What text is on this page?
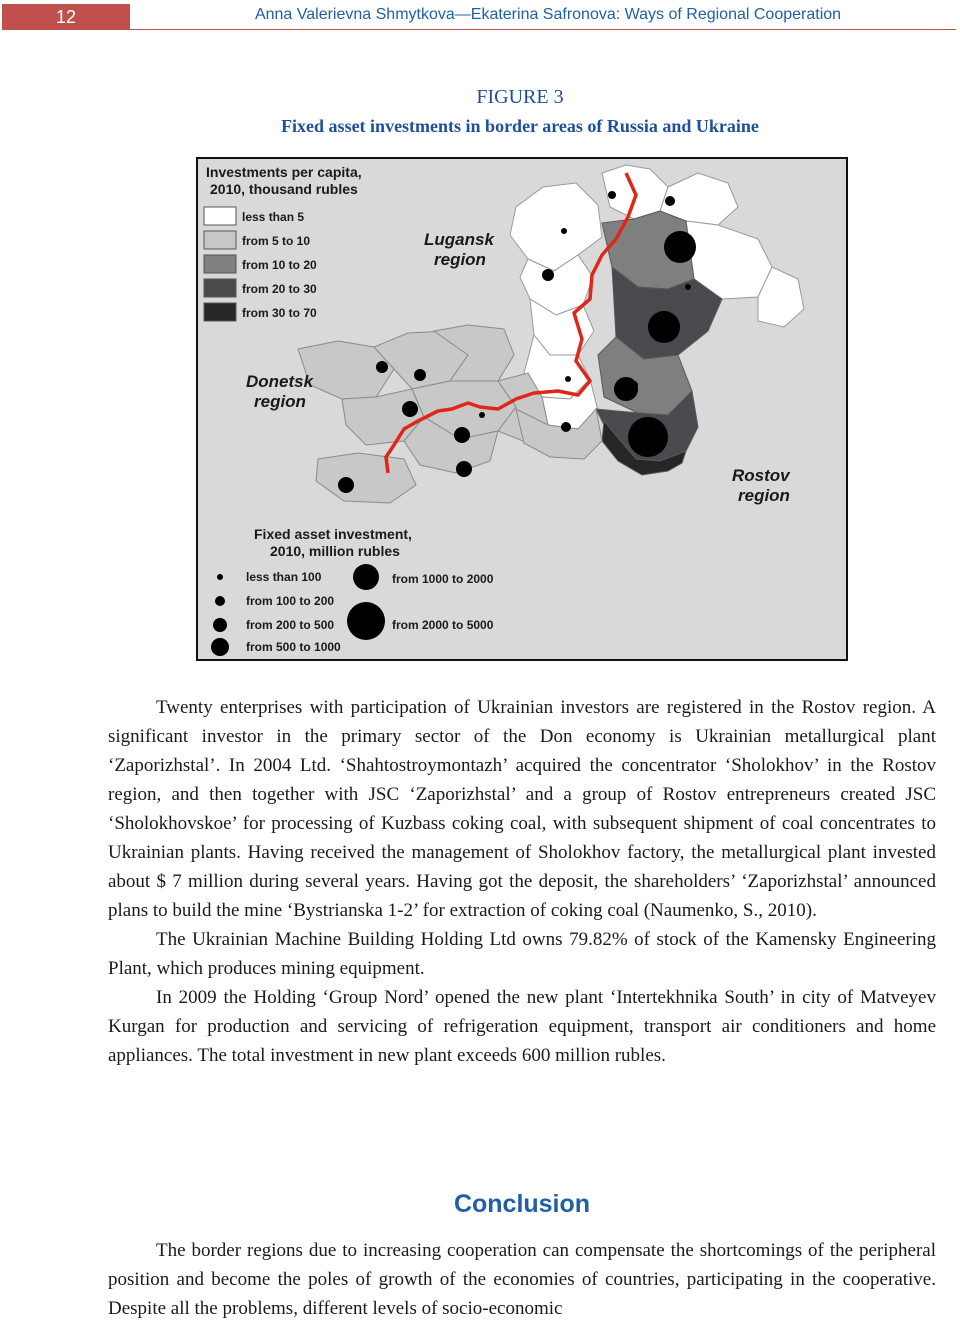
12	Anna Valerievna Shmytkova—Ekaterina Safronova: Ways of Regional Cooperation
FIGURE 3
Fixed asset investments in border areas of Russia and Ukraine
Lugansk
region
Donetsk
region
Rostov
region
Investments per capita,
2010, thousand rubles
less than 5
from 5 to 10
from 10 to 20
from 20 to 30
from 30 to 70
Fixed asset investment,
2010, million rubles
less than 100
from 100 to 200
from 200 to 500
from 500 to 1000
from 1000 to 2000
from 2000 to 5000

Twenty enterprises with participation of Ukrainian investors are registered in the Rostov region. A significant investor in the primary sector of the Don economy is Ukrainian metallurgical plant ‘Zaporizhstal’. In 2004 Ltd. ‘Shahtostroymontazh’ acquired the concentrator ‘Sholokhov’ in the Rostov region, and then together with JSC ‘Zaporizhstal’ and a group of Rostov entrepreneurs created JSC ‘Sholokhovskoe’ for processing of Kuzbass coking coal, with subsequent shipment of coal concentrates to Ukrainian plants. Having received the management of Sholokhov factory, the metallurgical plant invested about $ 7 million during several years. Having got the deposit, the shareholders’ ‘Zaporizhstal’ announced plans to build the mine ‘Bystrianska 1-2’ for extraction of coking coal (Naumenko, S., 2010).

The Ukrainian Machine Building Holding Ltd owns 79.82% of stock of the Kamensky Engineering Plant, which produces mining equipment.

In 2009 the Holding ‘Group Nord’ opened the new plant ‘Intertekhnika South’ in city of Matveyev Kurgan for production and servicing of refrigeration equipment, transport air conditioners and home appliances. The total investment in new plant exceeds 600 million rubles.

Conclusion

The border regions due to increasing cooperation can compensate the shortcomings of the peripheral position and become the poles of growth of the economies of countries, participating in the cooperative. Despite all the problems, different levels of socio-economic
